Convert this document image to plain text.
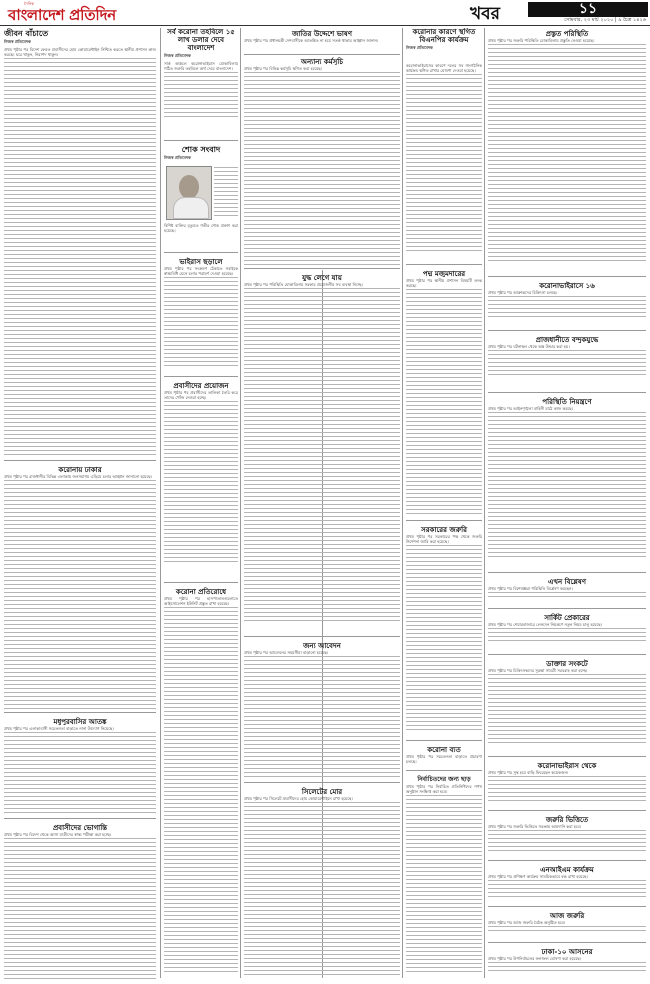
দৈনিক
বাংলাদেশ প্রতিদিন	খবর	১১
সোমবার, ২৩ মার্চ ২০২০ | ৯ চৈত্র ১৪২৬
জীবন বাঁচাতে
নিজস্ব প্রতিবেদক
প্রথম পৃষ্ঠার পর বিদেশ ফেরত প্রবাসীদের হোম কোয়ারেন্টাইন নিশ্চিত করতে স্থানীয় প্রশাসন কাজ করছে। ঘরে থাকুন, নিরাপদ থাকুন।
করোনায় ঢাকার
প্রথম পৃষ্ঠার পর রাজধানীর বিভিন্ন এলাকায় জনসমাগম এড়িয়ে চলার আহ্বান জানানো হয়েছে।
মধুপুরবাসির আতঙ্ক
প্রথম পৃষ্ঠার পর এলাকাবাসী সচেতনতা বাড়াতে নানা উদ্যোগ নিয়েছে।
প্রবাসীদের ভোগান্তি
প্রথম পৃষ্ঠার পর বিদেশ থেকে আসা যাত্রীদের স্বাস্থ্য পরীক্ষা করা হচ্ছে।
সর্ব করোনা তহবিলে ১৫ লাখ ডলার দেবে বাংলাদেশ
নিজস্ব প্রতিবেদক
সার্ক অঞ্চলে করোনাভাইরাস মোকাবিলায় গঠিত জরুরি তহবিলে অর্থ দেবে বাংলাদেশ।
শোক সংবাদ
নিজস্ব প্রতিবেদক
বিশিষ্ট ব্যক্তির মৃত্যুতে গভীর শোক প্রকাশ করা হয়েছে।
ভাইরাস ছড়ালে
প্রথম পৃষ্ঠার পর সংক্রমণ ঠেকাতে সবাইকে স্বাস্থ্যবিধি মেনে চলার পরামর্শ দেওয়া হয়েছে।
প্রবাসীদের প্রয়োজন
প্রথম পৃষ্ঠার পর প্রবাসীদের তালিকা তৈরি করে তাদের খোঁজ নেওয়া হচ্ছে।
করোনা প্রতিরোধে
প্রথম পৃষ্ঠার পর হাসপাতালগুলোতে আইসোলেশন ইউনিট প্রস্তুত রাখা হয়েছে।
জাতির উদ্দেশে ভাষণ
প্রথম পৃষ্ঠার পর প্রধানমন্ত্রী দেশবাসীকে আতঙ্কিত না হয়ে সতর্ক থাকার আহ্বান জানান।
অন্যান্য কর্মসূচি
প্রথম পৃষ্ঠার পর বিভিন্ন কর্মসূচি স্থগিত করা হয়েছে।
যুদ্ধ লেগে যায়
প্রথম পৃষ্ঠার পর পরিস্থিতি মোকাবিলায় সরকার প্রয়োজনীয় সব ব্যবস্থা নিচ্ছে।
জন্য আবেদন
প্রথম পৃষ্ঠার পর আবেদনের সময়সীমা বাড়ানো হয়েছে।
সিলেটের মোর
প্রথম পৃষ্ঠার পর সিলেটে প্রবাসীদের হোম কোয়ারেন্টাইনে রাখা হয়েছে।
করোনার কারণে স্থগিত বিএনপির কার্যক্রম
নিজস্ব প্রতিবেদক
করোনাভাইরাসের কারণে দলের সব সাংগঠনিক কার্যক্রম স্থগিত রাখার ঘোষণা দেওয়া হয়েছে।
পদ্ম মজুমদারের
প্রথম পৃষ্ঠার পর স্থানীয় প্রশাসন বিষয়টি তদন্ত করছে।
সরকারের জরুরি
প্রথম পৃষ্ঠার পর সরকারের পক্ষ থেকে জরুরি নির্দেশনা জারি করা হয়েছে।
করোনা ব্যত
প্রথম পৃষ্ঠার পর সচেতনতা বাড়াতে প্রচারণা চলছে।
নির্বাচিতদের জন্য ছাড়
প্রথম পৃষ্ঠার পর নির্বাচিত প্রতিনিধিদের শপথ অনুষ্ঠান সংক্ষিপ্ত করা হবে।
প্রস্তুত পরিস্থিতি
প্রথম পৃষ্ঠার পর জরুরি পরিস্থিতি মোকাবিলায় প্রস্তুতি নেওয়া হয়েছে।
করোনাভাইরাসে ১৬
প্রথম পৃষ্ঠার পর আক্রান্তদের চিকিৎসা চলছে।
প্রাজধানীতে বন্দুকযুদ্ধে
প্রথম পৃষ্ঠার পর ঘটনাস্থল থেকে অস্ত্র উদ্ধার করা হয়।
পরিস্থিতি নিয়ন্ত্রণে
প্রথম পৃষ্ঠার পর আইনশৃঙ্খলা বাহিনী মাঠে কাজ করছে।
এখন বিশ্লেষণ
প্রথম পৃষ্ঠার পর বিশেষজ্ঞরা পরিস্থিতি বিশ্লেষণ করছেন।
সার্কিট প্রেকারের
প্রথম পৃষ্ঠার পর শেয়ারবাজারে লেনদেন নিয়ন্ত্রণে নতুন নিয়ম চালু হয়েছে।
ডাক্তার সংকটে
প্রথম পৃষ্ঠার পর চিকিৎসকদের সুরক্ষা সামগ্রী সরবরাহ করা হচ্ছে।
করোনাভাইরাস থেকে
প্রথম পৃষ্ঠার পর সুস্থ হয়ে বাড়ি ফিরেছেন কয়েকজন।
জরুরি ভিত্তিতে
প্রথম পৃষ্ঠার পর জরুরি ভিত্তিতে সরঞ্জাম আমদানি করা হবে।
এনআইএম কার্যক্রম
প্রথম পৃষ্ঠার পর প্রশিক্ষণ কার্যক্রম সাময়িকভাবে বন্ধ রাখা হয়েছে।
আজ জরুরি
প্রথম পৃষ্ঠার পর আজ জরুরি বৈঠক অনুষ্ঠিত হবে।
ঢাকা-১০ আসনের
প্রথম পৃষ্ঠার পর উপনির্বাচনের ফলাফল ঘোষণা করা হয়েছে।
